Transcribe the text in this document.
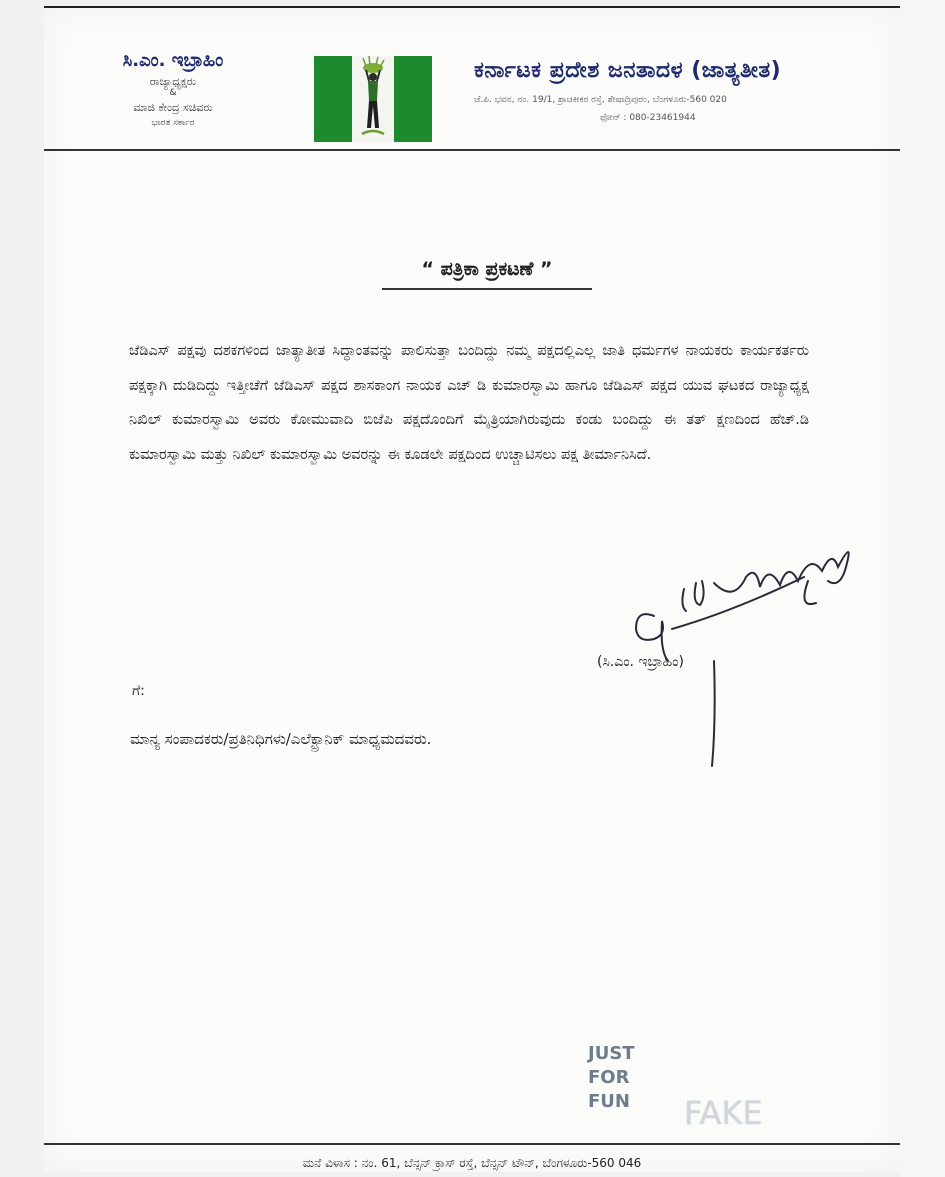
ಸಿ.ಎಂ. ಇಬ್ರಾಹಿಂ
ರಾಜ್ಯಾಧ್ಯಕ್ಷರು
&
ಮಾಜಿ ಕೇಂದ್ರ ಸಚಿವರು
ಭಾರತ ಸರ್ಕಾರ
ಕರ್ನಾಟಕ ಪ್ರದೇಶ ಜನತಾದಳ (ಜಾತ್ಯತೀತ)
ಜೆ.ಪಿ. ಭವನ, ನಂ. 19/1, ಶ್ರಾಚಕೀಕರ ರಸ್ತೆ, ಶೇಷಾದ್ರಿಪುರಂ, ಬೆಂಗಳೂರು-560 020
ಫೋನ್ : 080-23461944
“ ಪತ್ರಿಕಾ ಪ್ರಕಟಣೆ ”
ಜೆಡಿಎಸ್ ಪಕ್ಷವು ದಶಕಗಳಿಂದ ಜಾತ್ಯಾತೀತ ಸಿದ್ಧಾಂತವನ್ನು ಪಾಲಿಸುತ್ತಾ ಬಂದಿದ್ದು ನಮ್ಮ ಪಕ್ಷದಲ್ಲಿಎಲ್ಲ ಜಾತಿ ಧರ್ಮಗಳ ನಾಯಕರು ಕಾರ್ಯಕರ್ತರು ಪಕ್ಷಕ್ಕಾಗಿ ದುಡಿದಿದ್ದು ಇತ್ತೀಚೆಗೆ ಜೆಡಿಎಸ್ ಪಕ್ಷದ ಶಾಸಕಾಂಗ ನಾಯಕ ಎಚ್ ಡಿ ಕುಮಾರಸ್ವಾಮಿ ಹಾಗೂ ಜೆಡಿಎಸ್ ಪಕ್ಷದ ಯುವ ಘಟಕದ ರಾಜ್ಯಾಧ್ಯಕ್ಷ ನಿಖಿಲ್ ಕುಮಾರಸ್ವಾಮಿ ಅವರು ಕೋಮುವಾದಿ ಬಿಜೆಪಿ ಪಕ್ಷದೊಂದಿಗೆ ಮೈತ್ರಿಯಾಗಿರುವುದು ಕಂಡು ಬಂದಿದ್ದು ಈ ತತ್ ಕ್ಷಣದಿಂದ ಹೆಚ್.ಡಿ ಕುಮಾರಸ್ವಾಮಿ ಮತ್ತು ನಿಖಿಲ್ ಕುಮಾರಸ್ವಾಮಿ ಅವರನ್ನು ಈ ಕೂಡಲೇ ಪಕ್ಷದಿಂದ ಉಚ್ಚಾಟಿಸಲು ಪಕ್ಷ ತೀರ್ಮಾನಿಸಿದೆ.
(ಸಿ.ಎಂ. ಇಬ್ರಾಹಿಂ)
ಗೆ:
ಮಾನ್ಯ ಸಂಪಾದಕರು/ಪ್ರತಿನಿಧಿಗಳು/ಎಲೆಕ್ಟ್ರಾನಿಕ್ ಮಾಧ್ಯಮದವರು.
JUST
FOR
FUN FAKE
ಮನೆ ವಿಳಾಸ : ನಂ. 61, ಬೆನ್ಸನ್ ಕ್ರಾಸ್ ರಸ್ತೆ, ಬೆನ್ಸನ್ ಟೌನ್, ಬೆಂಗಳೂರು-560 046
